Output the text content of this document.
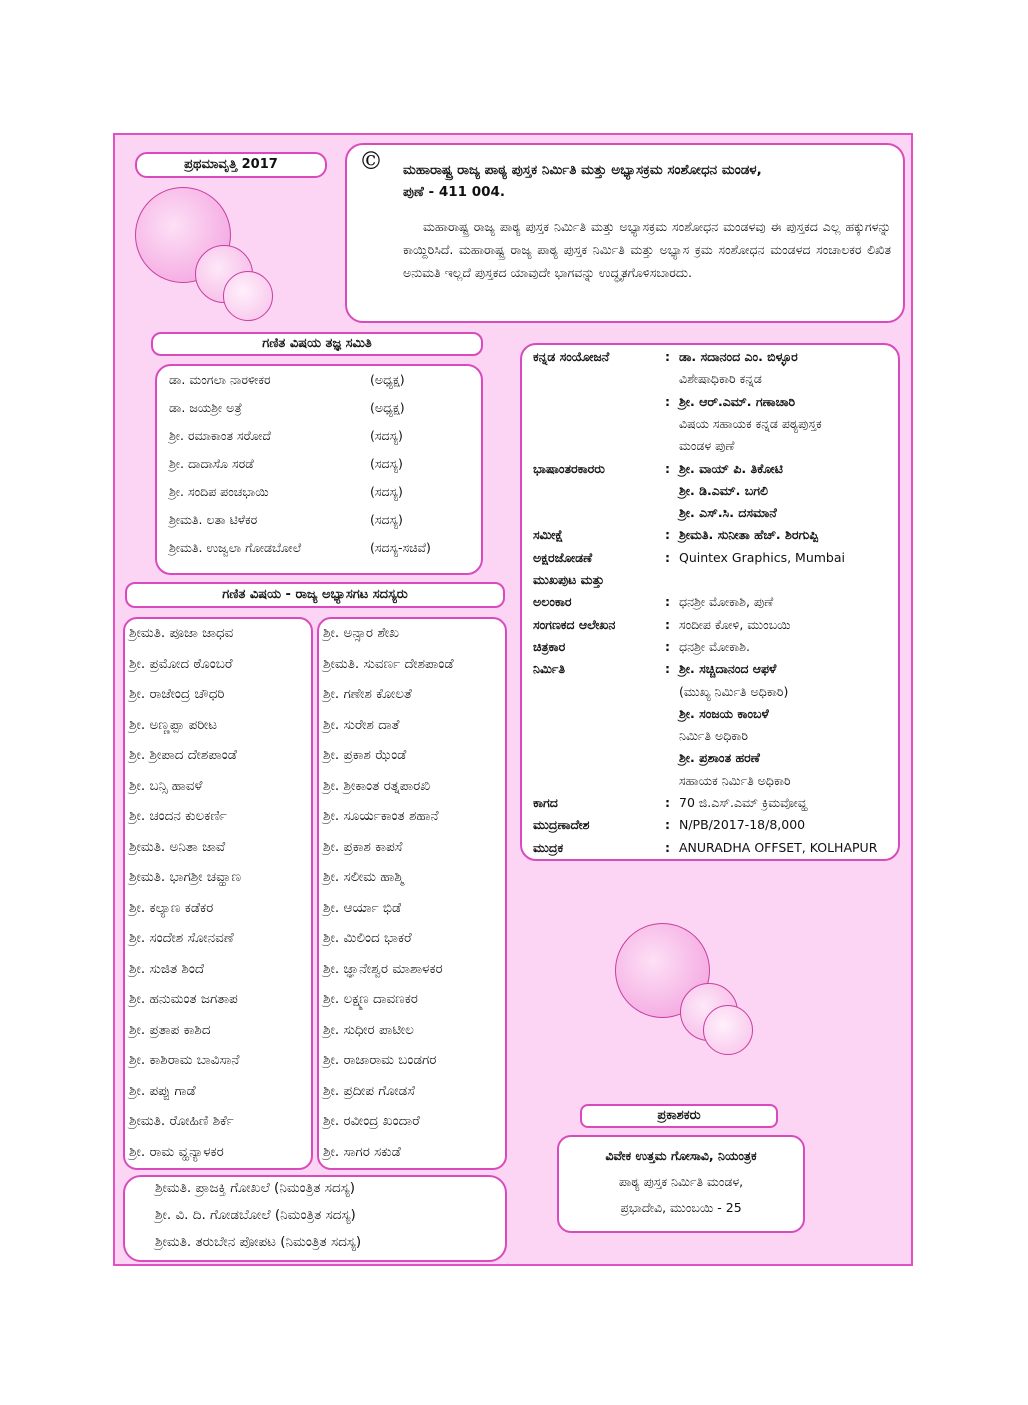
ಪ್ರಥಮಾವೃತ್ತಿ 2017	© ಮಹಾರಾಷ್ಟ್ರ ರಾಜ್ಯ ಪಾಠ್ಯ ಪುಸ್ತಕ ನಿರ್ಮಿತಿ ಮತ್ತು ಅಭ್ಯಾಸಕ್ರಮ ಸಂಶೋಧನ ಮಂಡಳ,
ಪುಣೆ - 411 004.
ಮಹಾರಾಷ್ಟ್ರ ರಾಜ್ಯ ಪಾಠ್ಯ ಪುಸ್ತಕ ನಿರ್ಮಿತಿ ಮತ್ತು ಅಭ್ಯಾಸಕ್ರಮ ಸಂಶೋಧನ ಮಂಡಳವು ಈ ಪುಸ್ತಕದ ಎಲ್ಲ ಹಕ್ಕುಗಳನ್ನು ಕಾಯ್ದಿರಿಸಿದೆ. ಮಹಾರಾಷ್ಟ್ರ ರಾಜ್ಯ ಪಾಠ್ಯ ಪುಸ್ತಕ ನಿರ್ಮಿತಿ ಮತ್ತು ಅಭ್ಯಾಸ ಕ್ರಮ ಸಂಶೋಧನ ಮಂಡಳದ ಸಂಚಾಲಕರ ಲಿಖಿತ ಅನುಮತಿ ಇಲ್ಲದೆ ಪುಸ್ತಕದ ಯಾವುದೇ ಭಾಗವನ್ನು ಉದ್ಧೃತಗೊಳಿಸಬಾರದು.
ಗಣಿತ ವಿಷಯ ತಜ್ಞ ಸಮಿತಿ
ಡಾ. ಮಂಗಲಾ ನಾರಳೀಕರ	(ಅಧ್ಯಕ್ಷ)
ಡಾ. ಜಯಶ್ರೀ ಅತ್ರೆ	(ಅಧ್ಯಕ್ಷ)
ಶ್ರೀ. ರಮಾಕಾಂತ ಸರೋದೆ	(ಸದಸ್ಯ)
ಶ್ರೀ. ದಾದಾಸೊ ಸರಡೆ	(ಸದಸ್ಯ)
ಶ್ರೀ. ಸಂದಿಪ ಪಂಚಭಾಯಿ	(ಸದಸ್ಯ)
ಶ್ರೀಮತಿ. ಲತಾ ಟಿಳೆಕರ	(ಸದಸ್ಯ)
ಶ್ರೀಮತಿ. ಉಜ್ವಲಾ ಗೋಡಬೋಲೆ	(ಸದಸ್ಯ-ಸಚಿವೆ)
ಗಣಿತ ವಿಷಯ - ರಾಜ್ಯ ಅಭ್ಯಾಸಗಟ ಸದಸ್ಯರು
ಶ್ರೀಮತಿ. ಪೂಜಾ ಜಾಧವ
ಶ್ರೀ. ಪ್ರಮೋದ ಠೊಂಬರೆ
ಶ್ರೀ. ರಾಜೇಂದ್ರ ಚೌಧರಿ
ಶ್ರೀ. ಅಣ್ಣಪ್ಪಾ ಪರೀಟ
ಶ್ರೀ. ಶ್ರೀಪಾದ ದೇಶಪಾಂಡೆ
ಶ್ರೀ. ಬನ್ಸಿ ಹಾವಳೆ
ಶ್ರೀ. ಚಂದನ ಕುಲಕರ್ಣಿ
ಶ್ರೀಮತಿ. ಅನಿತಾ ಜಾವೆ
ಶ್ರೀಮತಿ. ಭಾಗಶ್ರೀ ಚವ್ಹಾಣ
ಶ್ರೀ. ಕಲ್ಯಾಣ ಕಡೆಕರ
ಶ್ರೀ. ಸಂದೇಶ ಸೋನವಣೆ
ಶ್ರೀ. ಸುಜಿತ ಶಿಂದೆ
ಶ್ರೀ. ಹನುಮಂತ ಜಗತಾಪ
ಶ್ರೀ. ಪ್ರತಾಪ ಕಾಶಿದ
ಶ್ರೀ. ಕಾಶಿರಾಮ ಬಾವಿಸಾನೆ
ಶ್ರೀ. ಪಪ್ಪು ಗಾಡೆ
ಶ್ರೀಮತಿ. ರೋಹಿಣಿ ಶಿರ್ಕೆ
ಶ್ರೀ. ರಾಮ ವ್ಹನ್ಯಾಳಕರ
ಶ್ರೀ. ಅನ್ಸಾರ ಶೇಖ
ಶ್ರೀಮತಿ. ಸುವರ್ಣ ದೇಶಪಾಂಡೆ
ಶ್ರೀ. ಗಣೇಶ ಕೋಲತೆ
ಶ್ರೀ. ಸುರೇಶ ದಾತೆ
ಶ್ರೀ. ಪ್ರಕಾಶ ಝೆಂಡೆ
ಶ್ರೀ. ಶ್ರೀಕಾಂತ ರತ್ನಪಾರಖಿ
ಶ್ರೀ. ಸೂರ್ಯಕಾಂತ ಶಹಾನೆ
ಶ್ರೀ. ಪ್ರಕಾಶ ಕಾಪಸೆ
ಶ್ರೀ. ಸಲೀಮ ಹಾಶ್ಮಿ
ಶ್ರೀ. ಆರ್ಯಾ ಭಿಡೆ
ಶ್ರೀ. ಮಿಲಿಂದ ಭಾಕರೆ
ಶ್ರೀ. ಜ್ಞಾನೇಶ್ವರ ಮಾಶಾಳಕರ
ಶ್ರೀ. ಲಕ್ಷ್ಮಣ ದಾವಣಕರ
ಶ್ರೀ. ಸುಧೀರ ಪಾಟೀಲ
ಶ್ರೀ. ರಾಜಾರಾಮ ಬಂಡಗರ
ಶ್ರೀ. ಪ್ರದೀಪ ಗೋಡಸೆ
ಶ್ರೀ. ರವೀಂದ್ರ ಖಂದಾರೆ
ಶ್ರೀ. ಸಾಗರ ಸಕುಡೆ
ಶ್ರೀಮತಿ. ಪ್ರಾಜಕ್ತಿ ಗೋಖಲೆ (ನಿಮಂತ್ರಿತ ಸದಸ್ಯ)
ಶ್ರೀ. ವಿ. ದಿ. ಗೋಡಬೋಲೆ (ನಿಮಂತ್ರಿತ ಸದಸ್ಯ)
ಶ್ರೀಮತಿ. ತರುಬೇನ ಪೋಪಟ (ನಿಮಂತ್ರಿತ ಸದಸ್ಯ)
ಕನ್ನಡ ಸಂಯೋಜನೆ	: ಡಾ. ಸದಾನಂದ ಎಂ. ಬಿಳ್ಳೂರ
ವಿಶೇಷಾಧಿಕಾರಿ ಕನ್ನಡ
: ಶ್ರೀ. ಆರ್.ಎಮ್. ಗಣಾಚಾರಿ
ವಿಷಯ ಸಹಾಯಕ ಕನ್ನಡ ಪಠ್ಯಪುಸ್ತಕ
ಮಂಡಳ ಪುಣೆ
ಭಾಷಾಂತರಕಾರರು	: ಶ್ರೀ. ವಾಯ್ ಪಿ. ತಿಕೋಟಿ
ಶ್ರೀ. ಡಿ.ಎಮ್. ಬಗಲಿ
ಶ್ರೀ. ಎಸ್.ಸಿ. ದಸಮಾನೆ
ಸಮೀಕ್ಷೆ	: ಶ್ರೀಮತಿ. ಸುನೀತಾ ಹೆಚ್. ಶಿರಗುಪ್ಪಿ
ಅಕ್ಷರಜೋಡಣೆ	: Quintex Graphics, Mumbai
ಮುಖಪುಟ ಮತ್ತು
ಅಲಂಕಾರ	: ಧನಶ್ರೀ ಮೋಕಾಶಿ, ಪುಣೆ
ಸಂಗಣಕದ ಆಲೇಖನ	: ಸಂದೀಪ ಕೋಳಿ, ಮುಂಬಯಿ
ಚಿತ್ರಕಾರ	: ಧನಶ್ರೀ ಮೋಕಾಶಿ.
ನಿರ್ಮಿತಿ	: ಶ್ರೀ. ಸಚ್ಚಿದಾನಂದ ಆಫಳೆ
(ಮುಖ್ಯ ನಿರ್ಮಿತಿ ಅಧಿಕಾರಿ)
ಶ್ರೀ. ಸಂಜಯ ಕಾಂಬಳೆ
ನಿರ್ಮಿತಿ ಅಧಿಕಾರಿ
ಶ್ರೀ. ಪ್ರಶಾಂತ ಹರಣೆ
ಸಹಾಯಕ ನಿರ್ಮಿತಿ ಅಧಿಕಾರಿ
ಕಾಗದ	: 70 ಜಿ.ಎಸ್.ಎಮ್ ಕ್ರಿಮವೋವ್ಹ
ಮುದ್ರಣಾದೇಶ	: N/PB/2017-18/8,000
ಮುದ್ರಕ	: ANURADHA OFFSET, KOLHAPUR
ಪ್ರಕಾಶಕರು
ವಿವೇಕ ಉತ್ತಮ ಗೋಸಾವಿ, ನಿಯಂತ್ರಕ
ಪಾಠ್ಯ ಪುಸ್ತಕ ನಿರ್ಮಿತಿ ಮಂಡಳ,
ಪ್ರಭಾದೇವಿ, ಮುಂಬಯಿ - 25
